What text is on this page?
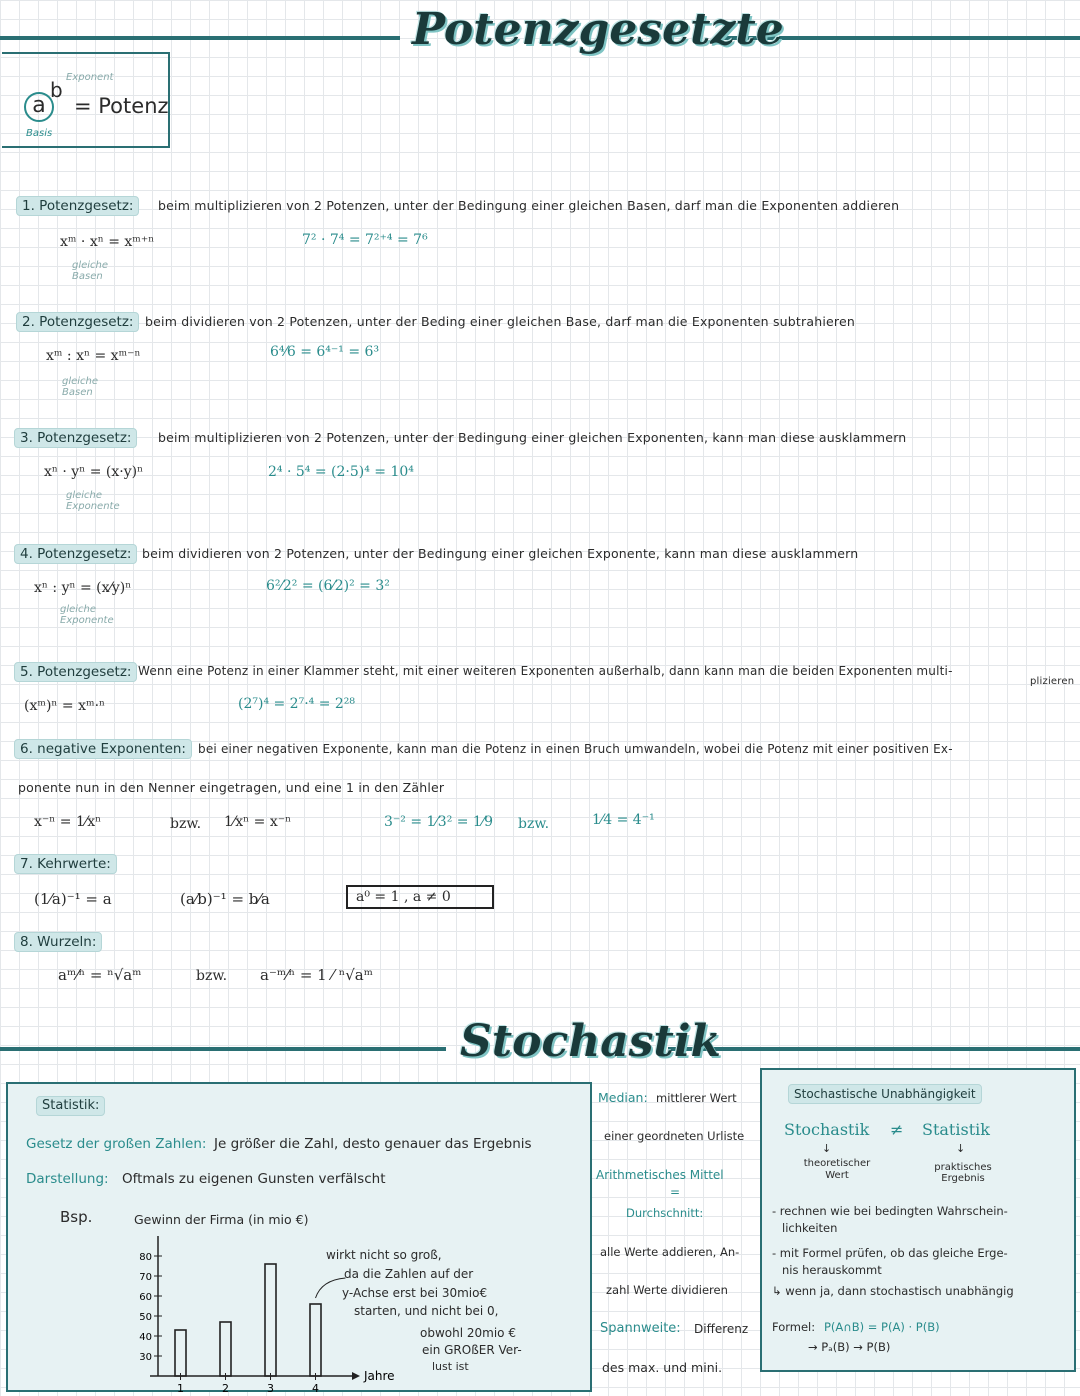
Potenzgesetzte
a
b
Exponent
= Potenz
Basis
1. Potenzgesetz:	beim multiplizieren von 2 Potenzen, unter der Bedingung einer gleichen Basen, darf man die Exponenten addieren
xᵐ · xⁿ = xᵐ⁺ⁿ
gleiche Basen
7² · 7⁴ = 7²⁺⁴ = 7⁶
2. Potenzgesetz: beim dividieren von 2 Potenzen, unter der Beding einer gleichen Base, darf man die Exponenten subtrahieren
xᵐ : xⁿ = xᵐ⁻ⁿ
gleiche Basen
6⁴⁄6 = 6⁴⁻¹ = 6³
3. Potenzgesetz:	beim multiplizieren von 2 Potenzen, unter der Bedingung einer gleichen Exponenten, kann man diese ausklammern
xⁿ · yⁿ = (x·y)ⁿ
gleiche Exponente
2⁴ · 5⁴ = (2·5)⁴ = 10⁴
4. Potenzgesetz: beim dividieren von 2 Potenzen, unter der Bedingung einer gleichen Exponente, kann man diese ausklammern
xⁿ : yⁿ = (x⁄y)ⁿ
gleiche Exponente
6²⁄2² = (6⁄2)² = 3²
5. Potenzgesetz: Wenn eine Potenz in einer Klammer steht, mit einer weiteren Exponenten außerhalb, dann kann man die beiden Exponenten multi-
plizieren
(xᵐ)ⁿ = xᵐ·ⁿ	(2⁷)⁴ = 2⁷·⁴ = 2²⁸
6. negative Exponenten:	bei einer negativen Exponente, kann man die Potenz in einen Bruch umwandeln, wobei die Potenz mit einer positiven Ex-
ponente nun in den Nenner eingetragen, und eine 1 in den Zähler
x⁻ⁿ = 1⁄xⁿ	bzw. 1⁄xⁿ = x⁻ⁿ	3⁻² = 1⁄3² = 1⁄9 bzw.	1⁄4 = 4⁻¹
7. Kehrwerte:
(1⁄a)⁻¹ = a	(a⁄b)⁻¹ = b⁄a	a⁰ = 1 , a ≠ 0
8. Wurzeln:
aᵐ⁄ⁿ = ⁿ√aᵐ	bzw. a⁻ᵐ⁄ⁿ = 1 ⁄ ⁿ√aᵐ
Stochastik
Statistik:
Gesetz der großen Zahlen: Je größer die Zahl, desto genauer das Ergebnis
Darstellung: Oftmals zu eigenen Gunsten verfälscht
Bsp.	Gewinn der Firma (in mio €)
80
70
60
50
40
30
1	2	3	4
Jahre
wirkt nicht so groß,
da die Zahlen auf der
y-Achse erst bei 30mio€
starten, und nicht bei 0,
obwohl 20mio €
ein GROßER Ver-
lust ist
Median: mittlerer Wert
einer geordneten Urliste
Arithmetisches Mittel
=
Durchschnitt:
alle Werte addieren, An-
zahl Werte dividieren
Spannweite: Differenz
des max. und mini.
Stochastische Unabhängigkeit
Stochastik ≠ Statistik
↓	↓
theoretischer Wert
praktisches Ergebnis
- rechnen wie bei bedingten Wahrschein-
lichkeiten
- mit Formel prüfen, ob das gleiche Erge-
nis herauskommt
↳ wenn ja, dann stochastisch unabhängig
Formel: P(A∩B) = P(A) · P(B)
→ Pₐ(B) → P(B)
